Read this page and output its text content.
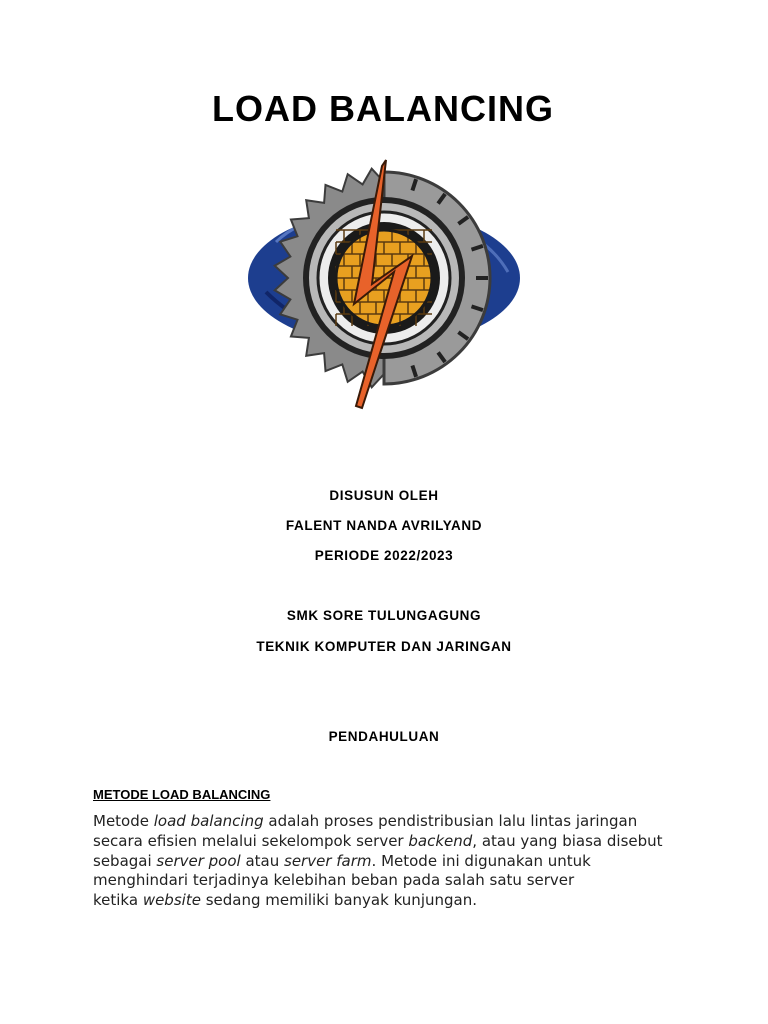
LOAD BALANCING
DISUSUN OLEH
FALENT NANDA AVRILYAND
PERIODE 2022/2023
SMK SORE TULUNGAGUNG
TEKNIK KOMPUTER DAN JARINGAN
PENDAHULUAN
METODE LOAD BALANCING
Metode load balancing adalah proses pendistribusian lalu lintas jaringan
secara efisien melalui sekelompok server backend, atau yang biasa disebut
sebagai server pool atau server farm. Metode ini digunakan untuk
menghindari terjadinya kelebihan beban pada salah satu server
ketika website sedang memiliki banyak kunjungan.
